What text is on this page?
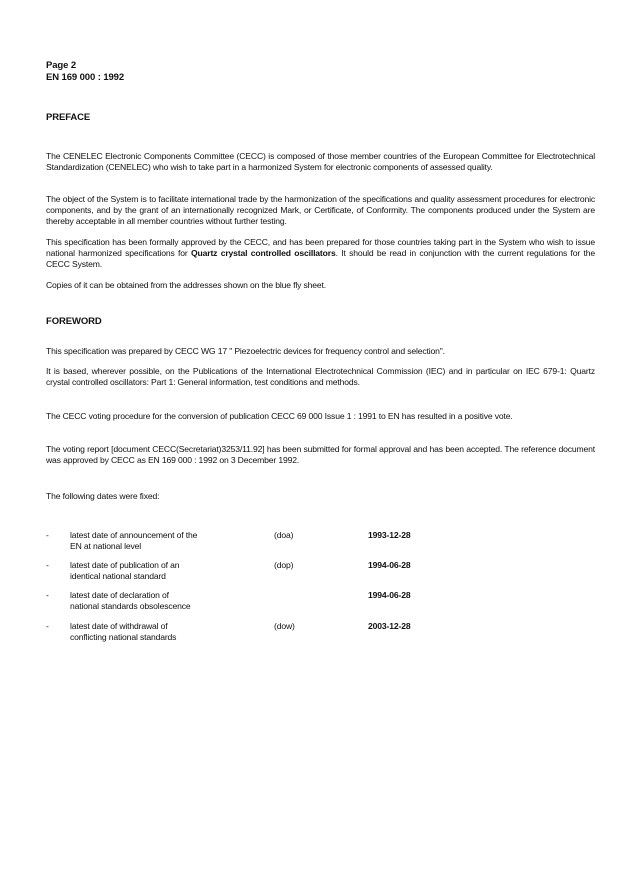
Page 2
EN 169 000 : 1992
PREFACE

The CENELEC Electronic Components Committee (CECC) is composed of those member countries of the European Committee for Electrotechnical Standardization (CENELEC) who wish to take part in a harmonized System for electronic components of assessed quality.

The object of the System is to facilitate international trade by the harmonization of the specifications and quality assessment procedures for electronic components, and by the grant of an internationally recognized Mark, or Certificate, of Conformity. The components produced under the System are thereby acceptable in all member countries without further testing.

This specification has been formally approved by the CECC, and has been prepared for those countries taking part in the System who wish to issue national harmonized specifications for Quartz crystal controlled oscillators. It should be read in conjunction with the current regulations for the CECC System.

Copies of it can be obtained from the addresses shown on the blue fly sheet.

FOREWORD

This specification was prepared by CECC WG 17 " Piezoelectric devices for frequency control and selection".

It is based, wherever possible, on the Publications of the International Electrotechnical Commission (IEC) and in particular on IEC 679-1: Quartz crystal controlled oscillators: Part 1: General information, test conditions and methods.

The CECC voting procedure for the conversion of publication CECC 69 000 Issue 1 : 1991 to EN has resulted in a positive vote.

The voting report [document CECC(Secretariat)3253/11.92] has been submitted for formal approval and has been accepted. The reference document was approved by CECC as EN 169 000 : 1992 on 3 December 1992.

The following dates were fixed:
- latest date of announcement of the
EN at national level
(doa)	1993-12-28
- latest date of publication of an
identical national standard
(dop)	1994-06-28
- latest date of declaration of
national standards obsolescence
1994-06-28
- latest date of withdrawal of
conflicting national standards
(dow)	2003-12-28
